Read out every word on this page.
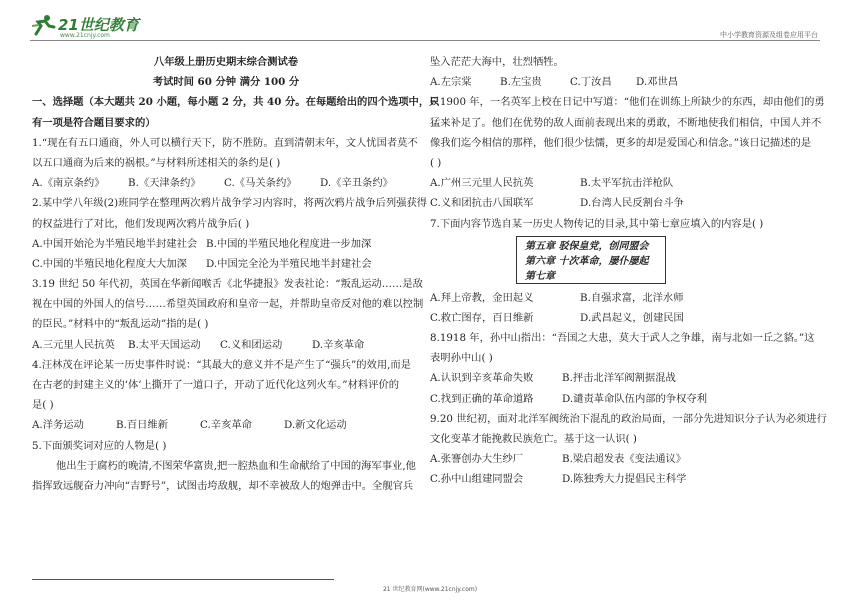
21世纪教育
www.21cnjy.com	中小学教育资源及组卷应用平台
八年级上册历史期末综合测试卷
考试时间 60 分钟 满分 100 分
一、选择题（本大题共 20 小题，每小题 2 分，共 40 分。在每题给出的四个选项中，只
有一项是符合题目要求的）
1.“现在有五口通商，外人可以横行天下，防不胜防。直到清朝末年，文人忧国者莫不
以五口通商为后来的祸根。”与材料所述相关的条约是( )
A.《南京条约》 B.《天津条约》 C.《马关条约》 D.《辛丑条约》
2.某中学八年级(2)班同学在整理两次鸦片战争学习内容时，将两次鸦片战争后列强获得
的权益进行了对比，他们发现两次鸦片战争后( )
A.中国开始沦为半殖民地半封建社会 B.中国的半殖民地化程度进一步加深
C.中国的半殖民地化程度大大加深 D.中国完全沦为半殖民地半封建社会
3.19 世纪 50 年代初，英国在华新闻喉舌《北华捷报》发表社论：“叛乱运动……是敌
视在中国的外国人的信号……希望英国政府和皇帝一起，并帮助皇帝反对他的难以控制
的臣民。”材料中的“叛乱运动”指的是( )
A.三元里人民抗英 B.太平天国运动 C.义和团运动	D.辛亥革命
4.汪林茂在评论某一历史事件时说：“其最大的意义并不是产生了“强兵”的效用,而是
在古老的封建主义的‘体’上撕开了一道口子，开动了近代化这列火车。”材料评价的
是( )
A.洋务运动	B.百日维新	C.辛亥革命	D.新文化运动
5.下面颁奖词对应的人物是( )
他出生于腐朽的晚清,不图荣华富贵,把一腔热血和生命献给了中国的海军事业,他
指挥致远舰奋力冲向“吉野号”，试图击垮敌舰，却不幸被敌人的炮弹击中。全舰官兵
坠入茫茫大海中，壮烈牺牲。
A.左宗棠	B.左宝贵	C.丁汝昌 D.邓世昌
6.1900 年，一名英军上校在日记中写道：“他们在训练上所缺少的东西，却由他们的勇
猛来补足了。他们在优势的敌人面前表现出来的勇敢，不断地使我们相信，中国人并不
像我们迄今相信的那样，他们很少怯懦，更多的却是爱国心和信念。”该日记描述的是
( )
A.广州三元里人民抗英	B.太平军抗击洋枪队
C.义和团抗击八国联军	D.台湾人民反割台斗争
7.下面内容节选自某一历史人物传记的目录,其中第七章应填入的内容是( )
第五章 驳保皇党，创同盟会
第六章 十次革命，屡仆屡起
第七章
A.拜上帝教，金田起义	B.自强求富，北洋水师
C.救亡图存，百日维新	D.武昌起义，创建民国
8.1918 年，孙中山指出：“吾国之大患，莫大于武人之争雄，南与北如一丘之貉。”这
表明孙中山( )
A.认识到辛亥革命失败	B.抨击北洋军阀割据混战
C.找到正确的革命道路	D.谴责革命队伍内部的争权夺利
9.20 世纪初，面对北洋军阀统治下混乱的政治局面，一部分先进知识分子认为必须进行
文化变革才能挽救民族危亡。基于这一认识( )
A.张謇创办大生纱厂	B.梁启超发表《变法通议》
C.孙中山组建同盟会	D.陈独秀大力提倡民主科学
21 世纪教育网(www.21cnjy.com)
